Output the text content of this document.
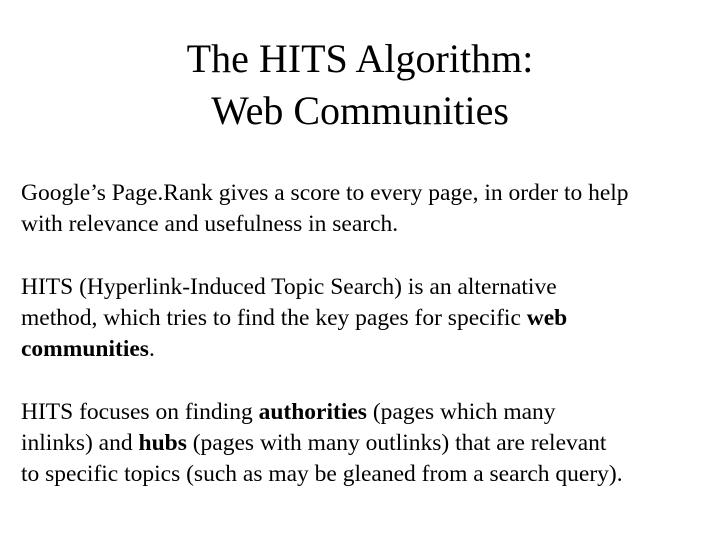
The HITS Algorithm:
Web Communities

Google’s Page.Rank gives a score to every page, in order to help
with relevance and usefulness in search.

HITS (Hyperlink-Induced Topic Search) is an alternative
method, which tries to find the key pages for specific web
communities.

HITS focuses on finding authorities (pages which many
inlinks) and hubs (pages with many outlinks) that are relevant
to specific topics (such as may be gleaned from a search query).
